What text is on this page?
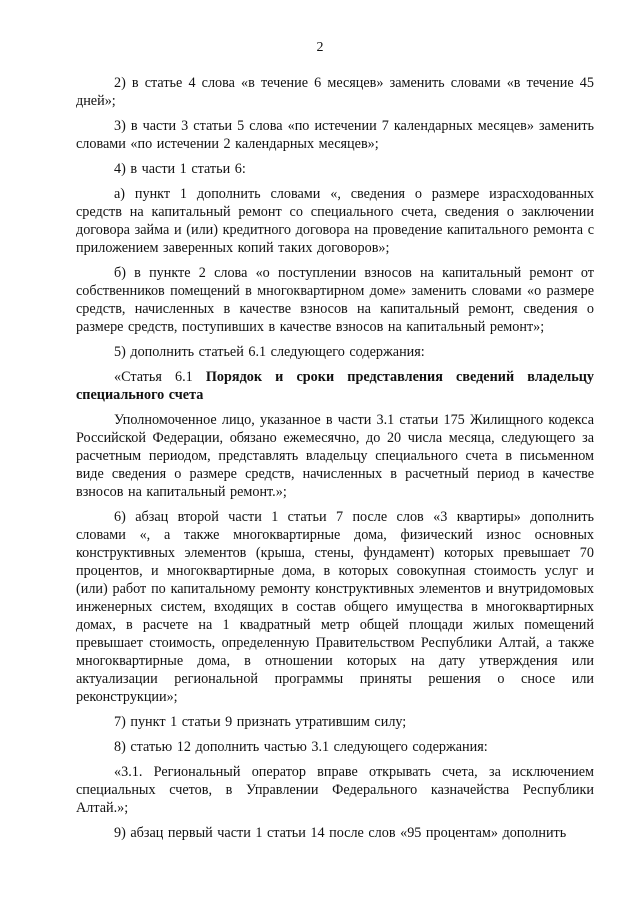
2

2) в статье 4 слова «в течение 6 месяцев» заменить словами «в течение 45 дней»;

3) в части 3 статьи 5 слова «по истечении 7 календарных месяцев» заменить словами «по истечении 2 календарных месяцев»;

4) в части 1 статьи 6:

а) пункт 1 дополнить словами «, сведения о размере израсходованных средств на капитальный ремонт со специального счета, сведения о заключении договора займа и (или) кредитного договора на проведение капитального ремонта с приложением заверенных копий таких договоров»;

б) в пункте 2 слова «о поступлении взносов на капитальный ремонт от собственников помещений в многоквартирном доме» заменить словами «о размере средств, начисленных в качестве взносов на капитальный ремонт, сведения о размере средств, поступивших в качестве взносов на капитальный ремонт»;

5) дополнить статьей 6.1 следующего содержания:

«Статья 6.1 Порядок и сроки представления сведений владельцу специального счета

Уполномоченное лицо, указанное в части 3.1 статьи 175 Жилищного кодекса Российской Федерации, обязано ежемесячно, до 20 числа месяца, следующего за расчетным периодом, представлять владельцу специального счета в письменном виде сведения о размере средств, начисленных в расчетный период в качестве взносов на капитальный ремонт.»;

6) абзац второй части 1 статьи 7 после слов «3 квартиры» дополнить словами «, а также многоквартирные дома, физический износ основных конструктивных элементов (крыша, стены, фундамент) которых превышает 70 процентов, и многоквартирные дома, в которых совокупная стоимость услуг и (или) работ по капитальному ремонту конструктивных элементов и внутридомовых инженерных систем, входящих в состав общего имущества в многоквартирных домах, в расчете на 1 квадратный метр общей площади жилых помещений превышает стоимость, определенную Правительством Республики Алтай, а также многоквартирные дома, в отношении которых на дату утверждения или актуализации региональной программы приняты решения о сносе или реконструкции»;

7) пункт 1 статьи 9 признать утратившим силу;

8) статью 12 дополнить частью 3.1 следующего содержания:

«3.1. Региональный оператор вправе открывать счета, за исключением специальных счетов, в Управлении Федерального казначейства Республики Алтай.»;

9) абзац первый части 1 статьи 14 после слов «95 процентам» дополнить
